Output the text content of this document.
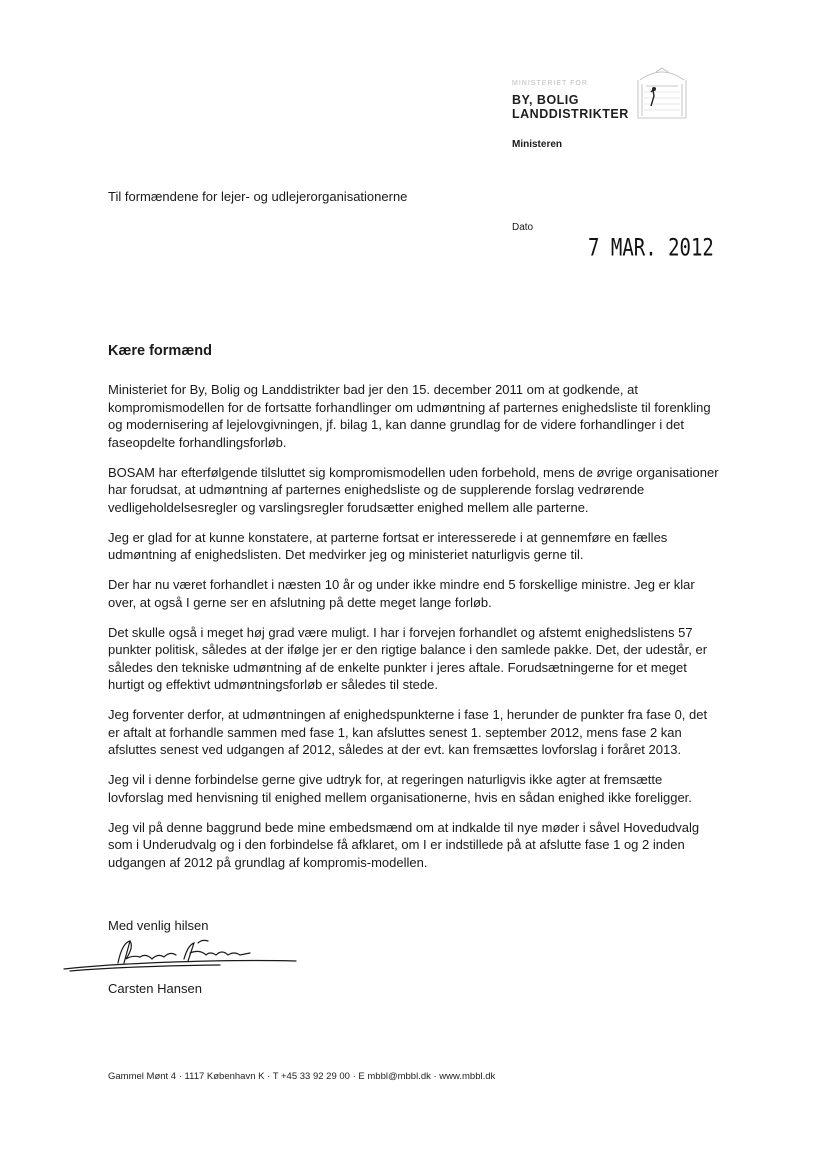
MINISTERIET FOR
BY, BOLIG
LANDDISTRIKTER
Ministeren
Til formændene for lejer- og udlejerorganisationerne
Dato
7 MAR. 2012
Kære formænd

Ministeriet for By, Bolig og Landdistrikter bad jer den 15. december 2011 om at godkende, at kompromismodellen for de fortsatte forhandlinger om udmøntning af parternes enighedsliste til forenkling og modernisering af lejelovgivningen, jf. bilag 1, kan danne grundlag for de videre forhandlinger i det faseopdelte forhandlingsforløb.

BOSAM har efterfølgende tilsluttet sig kompromismodellen uden forbehold, mens de øvrige organisationer har forudsat, at udmøntning af parternes enighedsliste og de supplerende forslag vedrørende vedligeholdelsesregler og varslingsregler forudsætter enighed mellem alle parterne.

Jeg er glad for at kunne konstatere, at parterne fortsat er interesserede i at gennemføre en fælles udmøntning af enighedslisten. Det medvirker jeg og ministeriet naturligvis gerne til.

Der har nu været forhandlet i næsten 10 år og under ikke mindre end 5 forskellige ministre. Jeg er klar over, at også I gerne ser en afslutning på dette meget lange forløb.

Det skulle også i meget høj grad være muligt. I har i forvejen forhandlet og afstemt enighedslistens 57 punkter politisk, således at der ifølge jer er den rigtige balance i den samlede pakke. Det, der udestår, er således den tekniske udmøntning af de enkelte punkter i jeres aftale. Forudsætningerne for et meget hurtigt og effektivt udmøntningsforløb er således til stede.

Jeg forventer derfor, at udmøntningen af enighedspunkterne i fase 1, herunder de punkter fra fase 0, det er aftalt at forhandle sammen med fase 1, kan afsluttes senest 1. september 2012, mens fase 2 kan afsluttes senest ved udgangen af 2012, således at der evt. kan fremsættes lovforslag i foråret 2013.

Jeg vil i denne forbindelse gerne give udtryk for, at regeringen naturligvis ikke agter at fremsætte lovforslag med henvisning til enighed mellem organisationerne, hvis en sådan enighed ikke foreligger.

Jeg vil på denne baggrund bede mine embedsmænd om at indkalde til nye møder i såvel Hovedudvalg som i Underudvalg og i den forbindelse få afklaret, om I er indstillede på at afslutte fase 1 og 2 inden udgangen af 2012 på grundlag af kompromis-modellen.

Med venlig hilsen
Carsten Hansen
Gammel Mønt 4 · 1117 København K · T +45 33 92 29 00 · E mbbl@mbbl.dk · www.mbbl.dk
